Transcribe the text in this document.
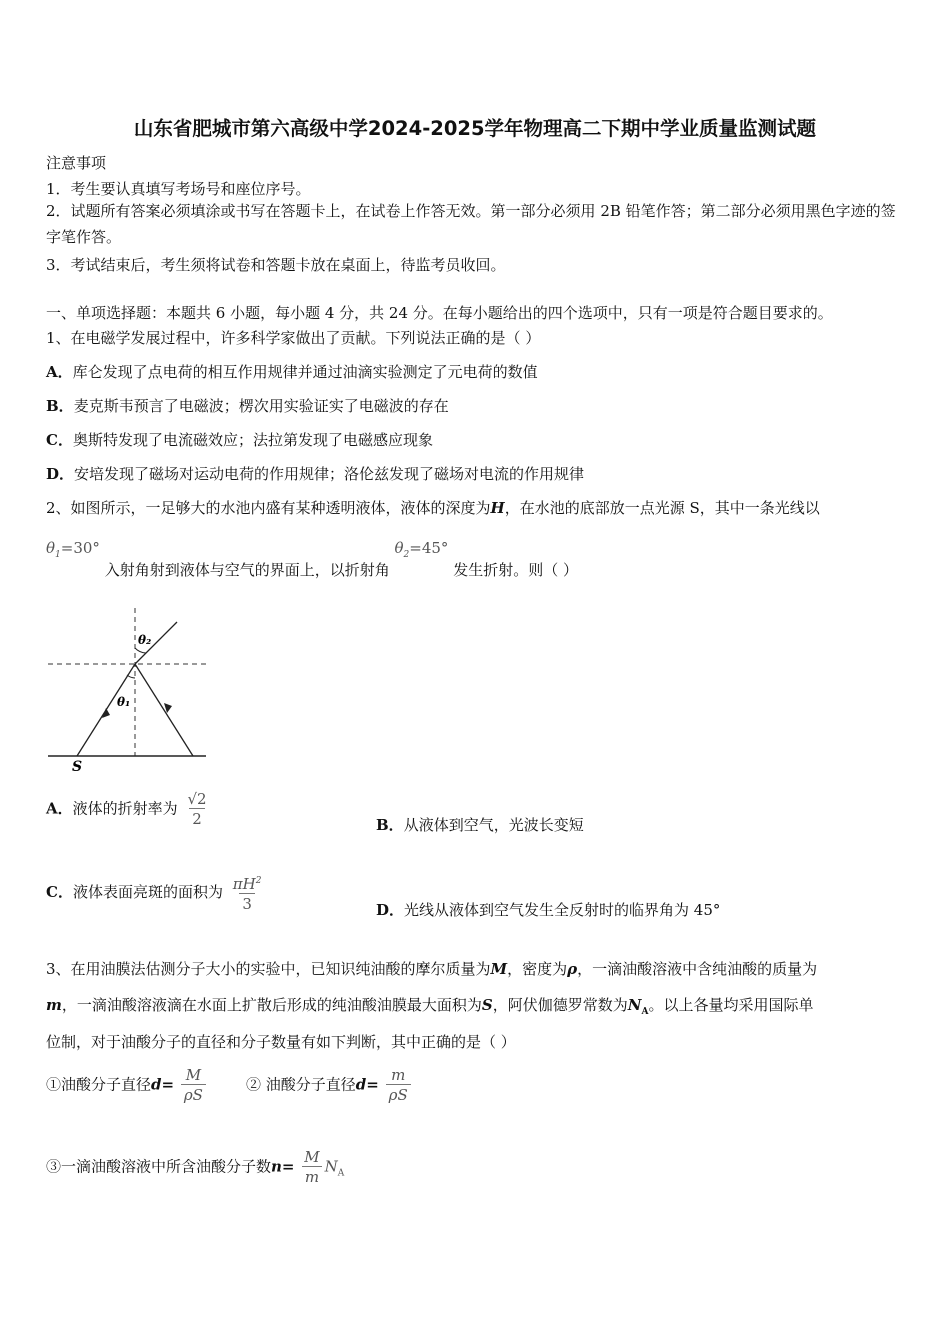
山东省肥城市第六高级中学2024-2025学年物理高二下期中学业质量监测试题
注意事项
1．考生要认真填写考场号和座位序号。
2．试题所有答案必须填涂或书写在答题卡上，在试卷上作答无效。第一部分必须用 2B 铅笔作答；第二部分必须用黑色字迹的签字笔作答。
3．考试结束后，考生须将试卷和答题卡放在桌面上，待监考员收回。
一、单项选择题：本题共 6 小题，每小题 4 分，共 24 分。在每小题给出的四个选项中，只有一项是符合题目要求的。
1、在电磁学发展过程中，许多科学家做出了贡献。下列说法正确的是（ ）
A．库仑发现了点电荷的相互作用规律并通过油滴实验测定了元电荷的数值
B．麦克斯韦预言了电磁波；楞次用实验证实了电磁波的存在
C．奥斯特发现了电流磁效应；法拉第发现了电磁感应现象
D．安培发现了磁场对运动电荷的作用规律；洛伦兹发现了磁场对电流的作用规律
2、如图所示，一足够大的水池内盛有某种透明液体，液体的深度为H，在水池的底部放一点光源 S，其中一条光线以
$\theta_1=30^\circ$ 入射角射到液体与空气的界面上，以折射角 $\theta_2=45^\circ$ 发生折射。则（ ）
θ₂
θ₁
S
A．液体的折射率为 $\frac{√2}{2}$	B．从液体到空气，光波长变短
C．液体表面亮斑的面积为 $\frac{\pi H^2}{3}$	D．光线从液体到空气发生全反射时的临界角为 45°
3、在用油膜法估测分子大小的实验中，已知识纯油酸的摩尔质量为M，密度为ρ，一滴油酸溶液中含纯油酸的质量为
m，一滴油酸溶液滴在水面上扩散后形成的纯油酸油膜最大面积为S，阿伏伽德罗常数为$N_A$。以上各量均采用国际单
位制，对于油酸分子的直径和分子数量有如下判断，其中正确的是（ ）
①油酸分子直径$d= \frac{M}{\rho S}$	② 油酸分子直径$d= \frac{m}{\rho S}$
③一滴油酸溶液中所含油酸分子数$n= \frac{M}{m} N_A$
